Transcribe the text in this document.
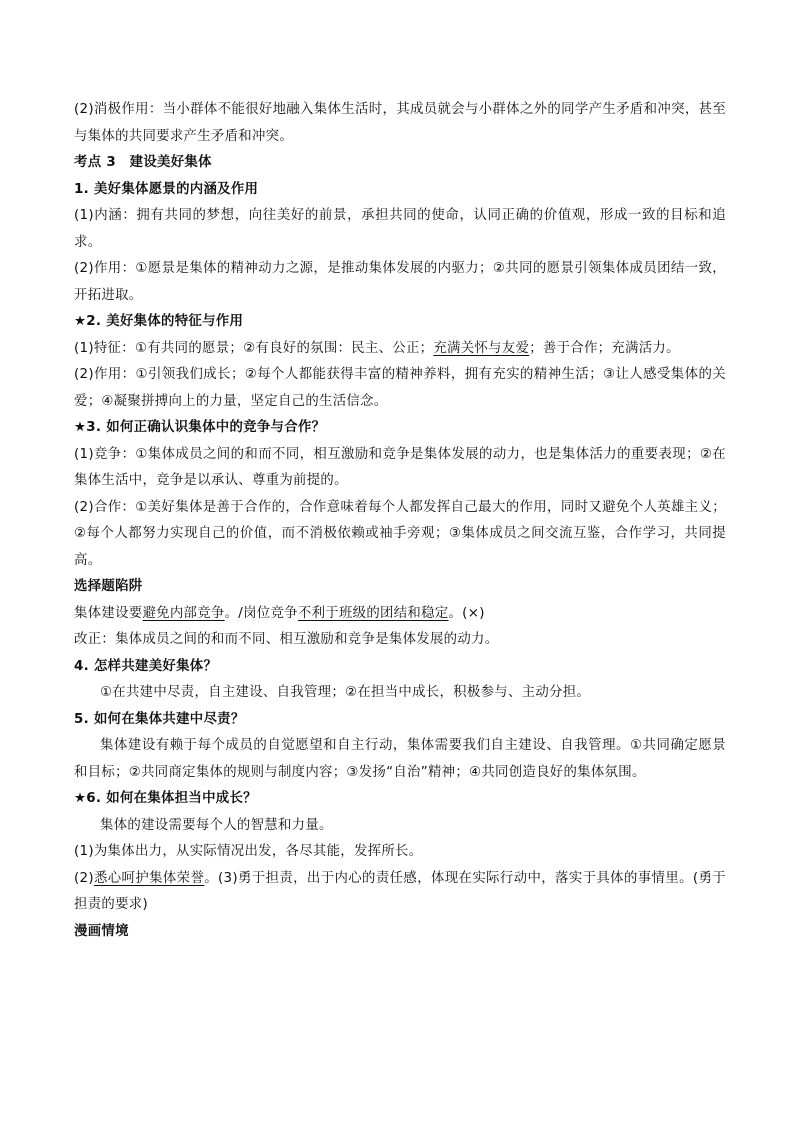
(2)消极作用：当小群体不能很好地融入集体生活时，其成员就会与小群体之外的同学产生矛盾和冲突，甚至与集体的共同要求产生矛盾和冲突。

考点 3　建设美好集体

1. 美好集体愿景的内涵及作用

(1)内涵：拥有共同的梦想，向往美好的前景，承担共同的使命，认同正确的价值观，形成一致的目标和追求。

(2)作用：①愿景是集体的精神动力之源，是推动集体发展的内驱力；②共同的愿景引领集体成员团结一致，开拓进取。

★2. 美好集体的特征与作用

(1)特征：①有共同的愿景；②有良好的氛围：民主、公正；充满关怀与友爱；善于合作；充满活力。

(2)作用：①引领我们成长；②每个人都能获得丰富的精神养料，拥有充实的精神生活；③让人感受集体的关爱；④凝聚拼搏向上的力量，坚定自己的生活信念。

★3. 如何正确认识集体中的竞争与合作？

(1)竞争：①集体成员之间的和而不同，相互激励和竞争是集体发展的动力，也是集体活力的重要表现；②在集体生活中，竞争是以承认、尊重为前提的。

(2)合作：①美好集体是善于合作的，合作意味着每个人都发挥自己最大的作用，同时又避免个人英雄主义；②每个人都努力实现自己的价值，而不消极依赖或袖手旁观；③集体成员之间交流互鉴，合作学习，共同提高。

选择题陷阱

集体建设要避免内部竞争。/岗位竞争不利于班级的团结和稳定。(×)

改正：集体成员之间的和而不同、相互激励和竞争是集体发展的动力。

4. 怎样共建美好集体？

①在共建中尽责，自主建设、自我管理；②在担当中成长，积极参与、主动分担。

5. 如何在集体共建中尽责？

集体建设有赖于每个成员的自觉愿望和自主行动，集体需要我们自主建设、自我管理。①共同确定愿景和目标；②共同商定集体的规则与制度内容；③发扬“自治”精神；④共同创造良好的集体氛围。

★6. 如何在集体担当中成长？

集体的建设需要每个人的智慧和力量。

(1)为集体出力，从实际情况出发，各尽其能，发挥所长。

(2)悉心呵护集体荣誉。(3)勇于担责，出于内心的责任感，体现在实际行动中，落实于具体的事情里。(勇于担责的要求)

漫画情境
